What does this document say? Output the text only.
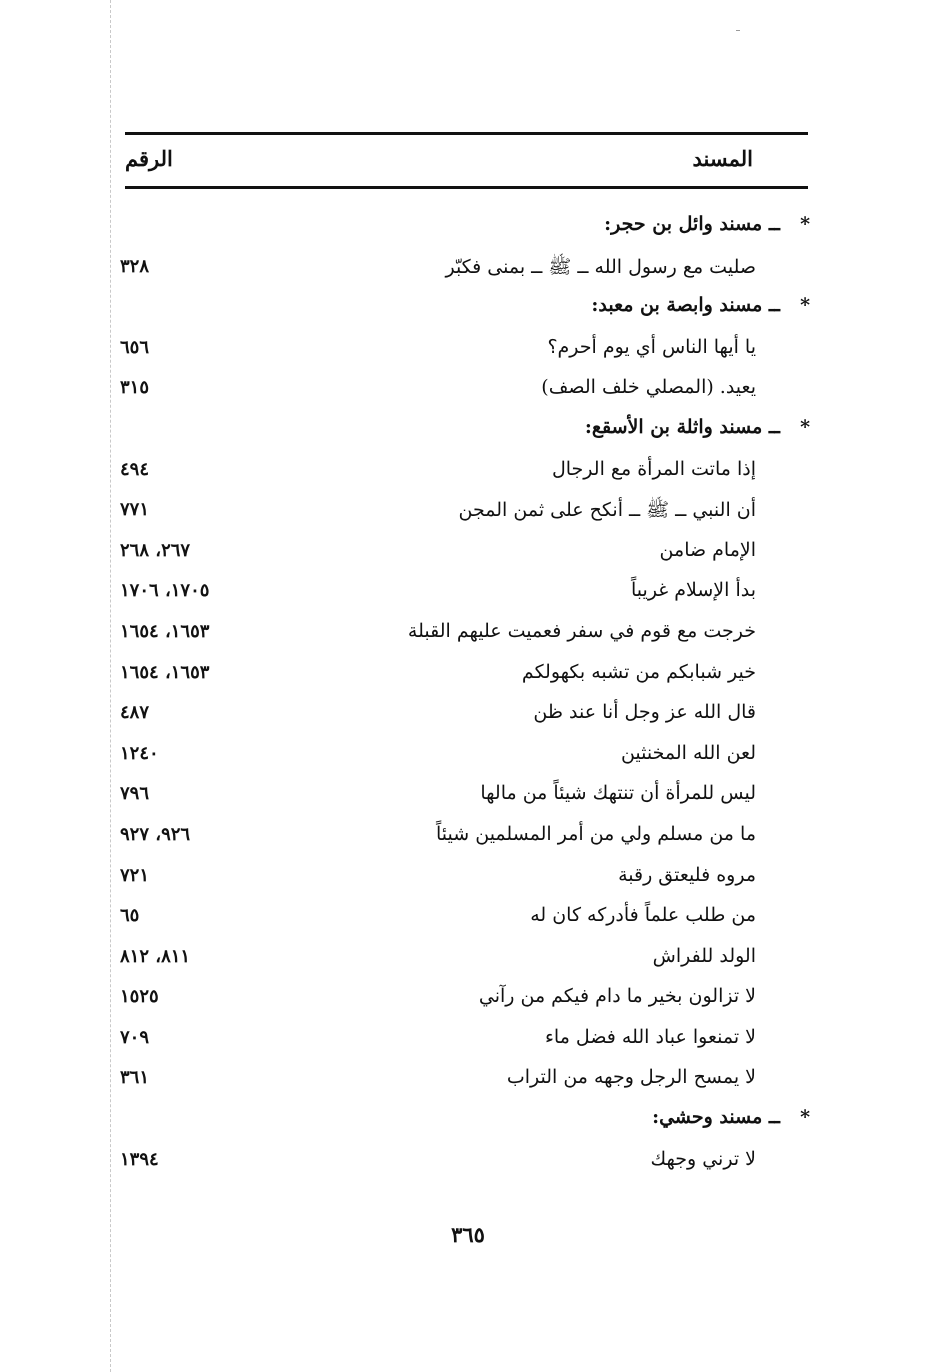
المسند
الرقم
*
ــ مسند وائل بن حجر:
صليت مع رسول الله ــ ﷺ ــ بمنى فكبّر
٣٢٨
*
ــ مسند وابصة بن معبد:
يا أيها الناس أي يوم أحرم؟
٦٥٦
يعيد. (المصلي خلف الصف)
٣١٥
*
ــ مسند واثلة بن الأسقع:
إذا ماتت المرأة مع الرجال
٤٩٤
أن النبي ــ ﷺ ــ أنكح على ثمن المجن
٧٧١
الإمام ضامن
٢٦٧، ٢٦٨
بدأ الإسلام غريباً
١٧٠٥، ١٧٠٦
خرجت مع قوم في سفر فعميت عليهم القبلة
١٦٥٣، ١٦٥٤
خير شبابكم من تشبه بكهولكم
١٦٥٣، ١٦٥٤
قال الله عز وجل أنا عند ظن
٤٨٧
لعن الله المخنثين
١٢٤٠
ليس للمرأة أن تنتهك شيئاً من مالها
٧٩٦
ما من مسلم ولي من أمر المسلمين شيئاً
٩٢٦، ٩٢٧
مروه فليعتق رقبة
٧٢١
من طلب علماً فأدركه كان له
٦٥
الولد للفراش
٨١١، ٨١٢
لا تزالون بخير ما دام فيكم من رآني
١٥٢٥
لا تمنعوا عباد الله فضل ماء
٧٠٩
لا يمسح الرجل وجهه من التراب
٣٦١
*
ــ مسند وحشي:
لا ترني وجهك
١٣٩٤
٣٦٥
